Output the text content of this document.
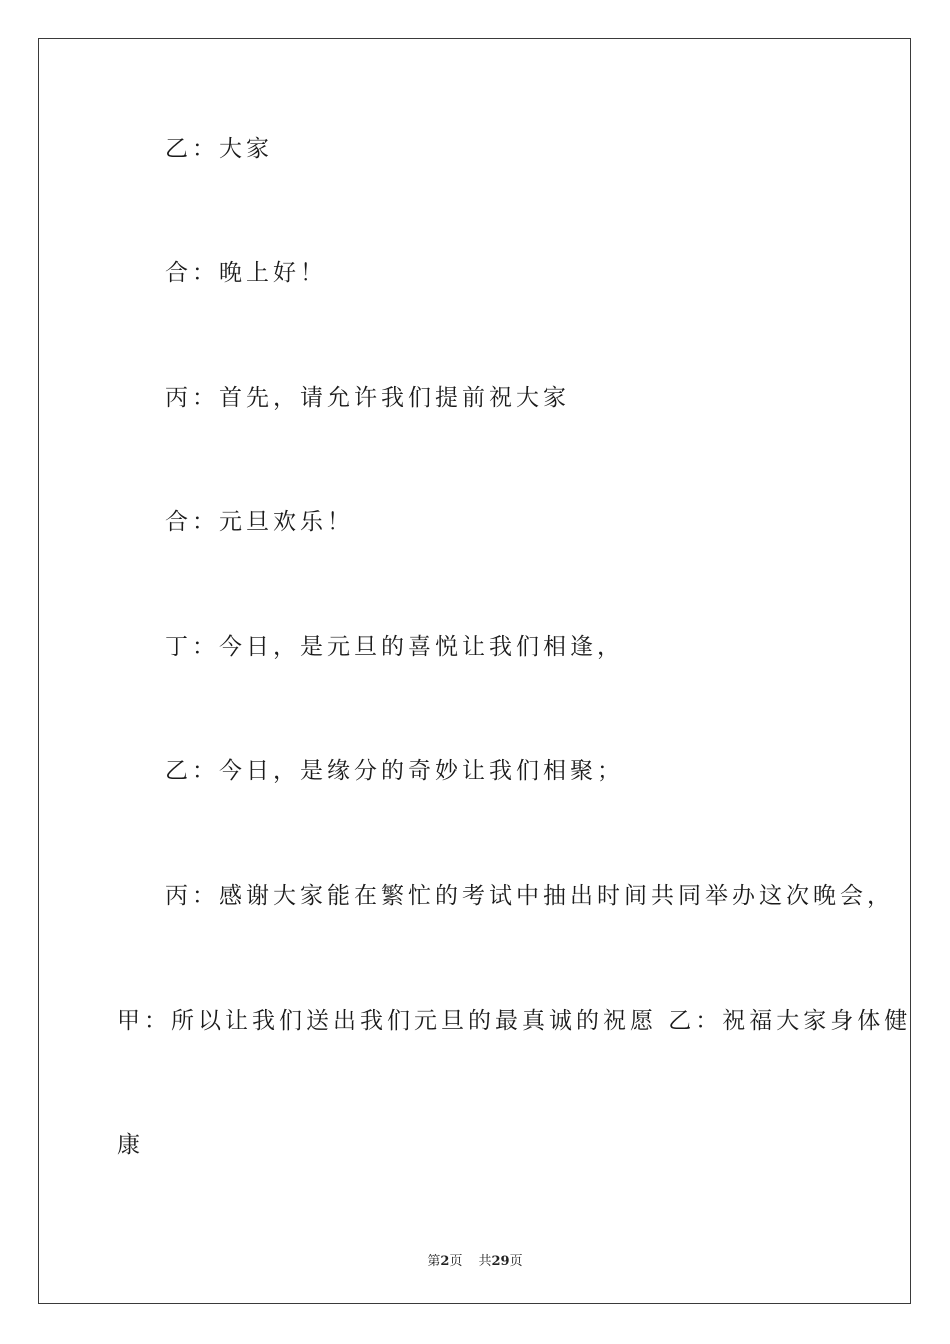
乙：大家
合：晚上好！
丙：首先，请允许我们提前祝大家
合：元旦欢乐！
丁：今日，是元旦的喜悦让我们相逢，
乙：今日，是缘分的奇妙让我们相聚；
丙：感谢大家能在繁忙的考试中抽出时间共同举办这次晚会，
甲：所以让我们送出我们元旦的最真诚的祝愿 乙：祝福大家身体健
康
第2页 共29页
